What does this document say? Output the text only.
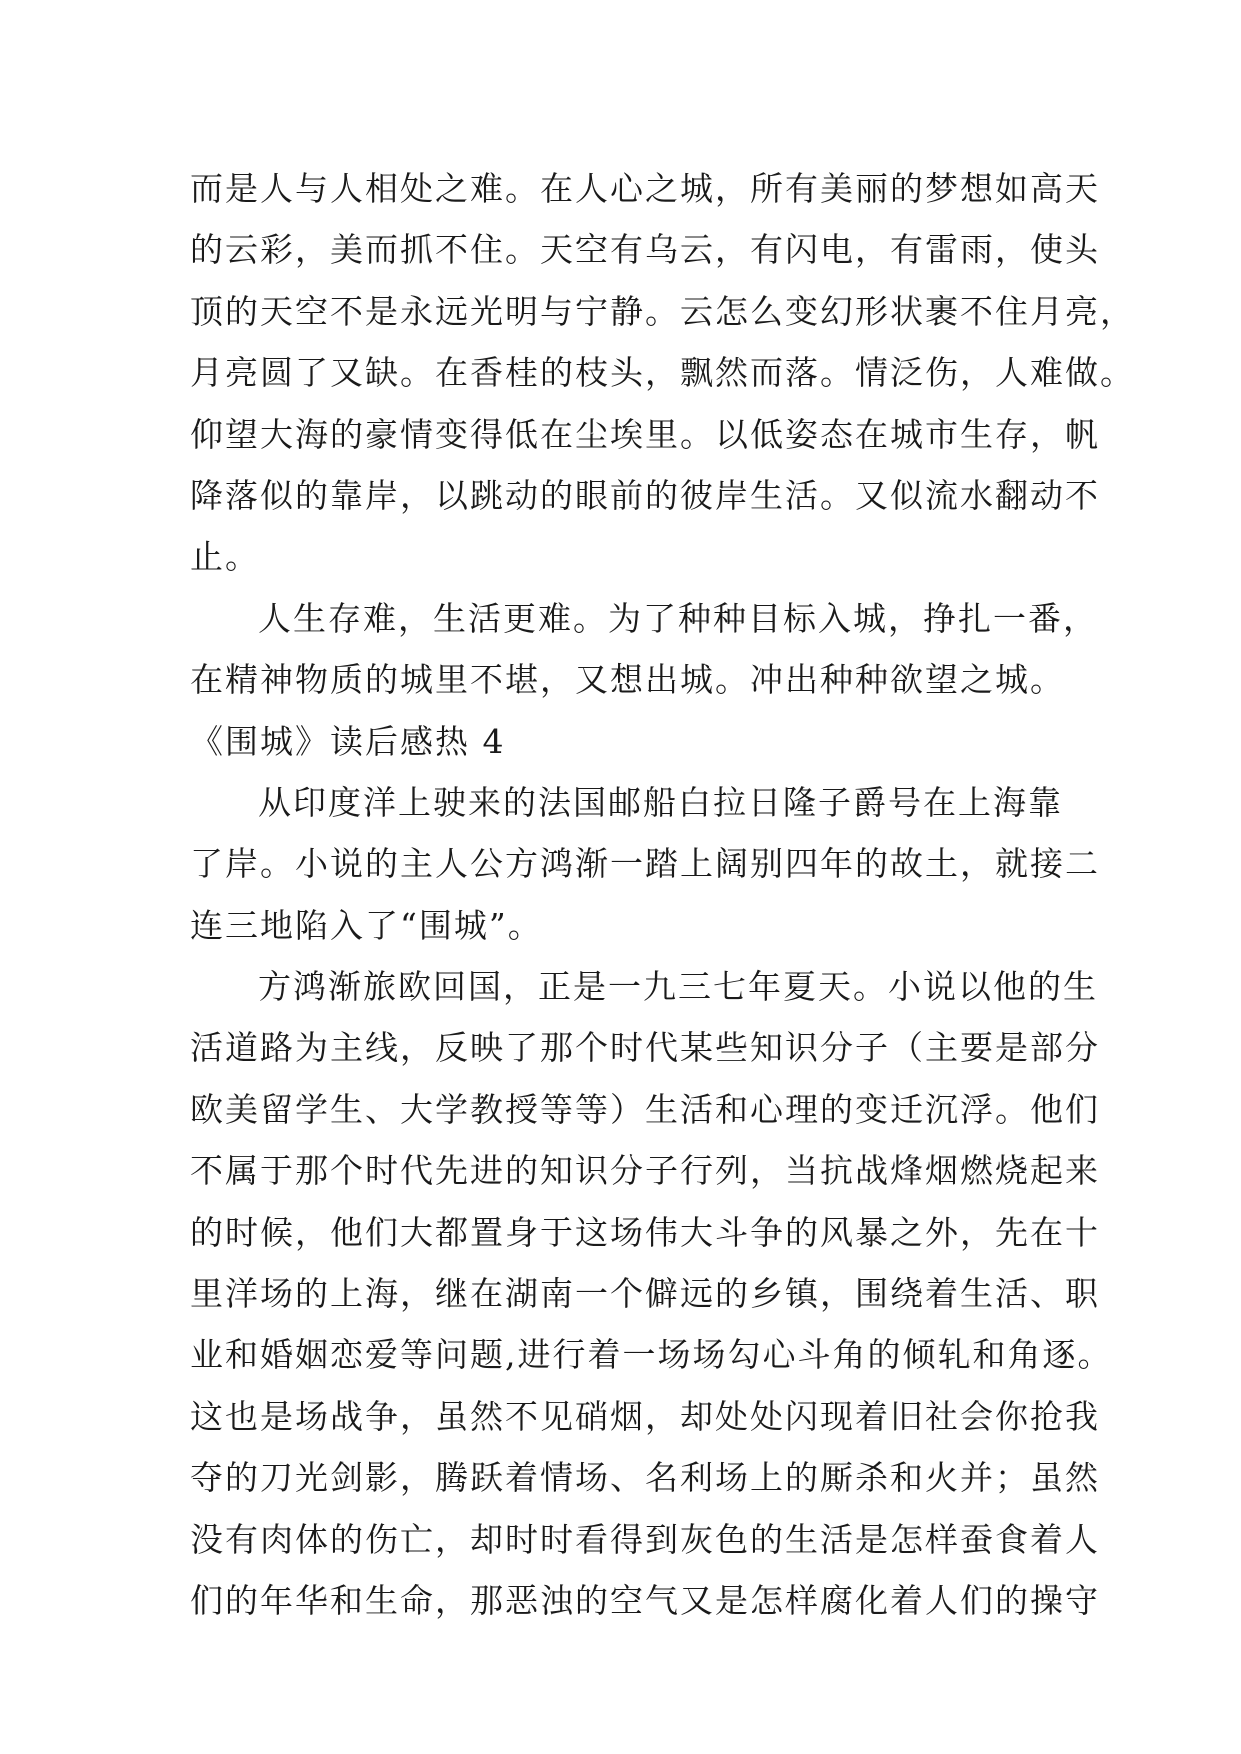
而是人与人相处之难。在人心之城，所有美丽的梦想如高天
的云彩，美而抓不住。天空有乌云，有闪电，有雷雨，使头
顶的天空不是永远光明与宁静。云怎么变幻形状裹不住月亮，
月亮圆了又缺。在香桂的枝头，飘然而落。情泛伤，人难做。
仰望大海的豪情变得低在尘埃里。以低姿态在城市生存，帆
降落似的靠岸，以跳动的眼前的彼岸生活。又似流水翻动不
止。
人生存难，生活更难。为了种种目标入城，挣扎一番，
在精神物质的城里不堪，又想出城。冲出种种欲望之城。
《围城》读后感热 4
从印度洋上驶来的法国邮船白拉日隆子爵号在上海靠
了岸。小说的主人公方鸿渐一踏上阔别四年的故土，就接二
连三地陷入了“围城”。
方鸿渐旅欧回国，正是一九三七年夏天。小说以他的生
活道路为主线，反映了那个时代某些知识分子（主要是部分
欧美留学生、大学教授等等）生活和心理的变迁沉浮。他们
不属于那个时代先进的知识分子行列，当抗战烽烟燃烧起来
的时候，他们大都置身于这场伟大斗争的风暴之外，先在十
里洋场的上海，继在湖南一个僻远的乡镇，围绕着生活、职
业和婚姻恋爱等问题,进行着一场场勾心斗角的倾轧和角逐。
这也是场战争，虽然不见硝烟，却处处闪现着旧社会你抢我
夺的刀光剑影，腾跃着情场、名利场上的厮杀和火并；虽然
没有肉体的伤亡，却时时看得到灰色的生活是怎样蚕食着人
们的年华和生命，那恶浊的空气又是怎样腐化着人们的操守
